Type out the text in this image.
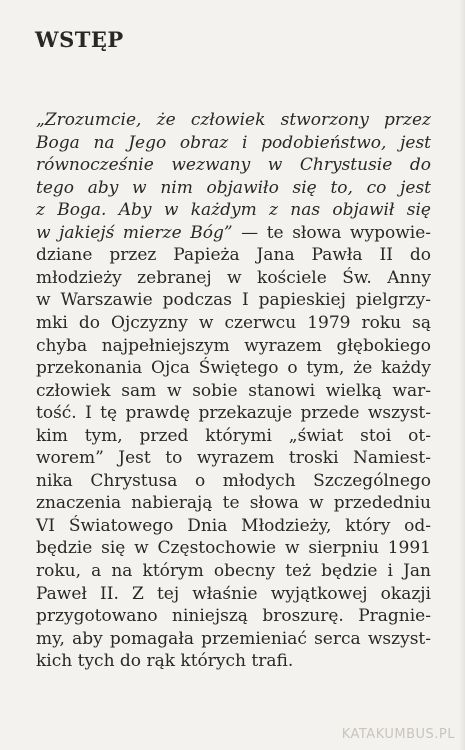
WSTĘP
„Zrozumcie, że człowiek stworzony przez
Boga na Jego obraz i podobieństwo, jest
równocześnie wezwany w Chrystusie do
tego aby w nim objawiło się to, co jest
z Boga. Aby w każdym z nas objawił się
w jakiejś mierze Bóg” — te słowa wypowie-
dziane przez Papieża Jana Pawła II do
młodzieży zebranej w kościele Św. Anny
w Warszawie podczas I papieskiej pielgrzy-
mki do Ojczyzny w czerwcu 1979 roku są
chyba najpełniejszym wyrazem głębokiego
przekonania Ojca Świętego o tym, że każdy
człowiek sam w sobie stanowi wielką war-
tość. I tę prawdę przekazuje przede wszyst-
kim tym, przed którymi „świat stoi ot-
worem” Jest to wyrazem troski Namiest-
nika Chrystusa o młodych Szczególnego
znaczenia nabierają te słowa w przededniu
VI Światowego Dnia Młodzieży, który od-
będzie się w Częstochowie w sierpniu 1991
roku, a na którym obecny też będzie i Jan
Paweł II. Z tej właśnie wyjątkowej okazji
przygotowano niniejszą broszurę. Pragnie-
my, aby pomagała przemieniać serca wszyst-
kich tych do rąk których trafi.
KATAKUMBUS.PL
